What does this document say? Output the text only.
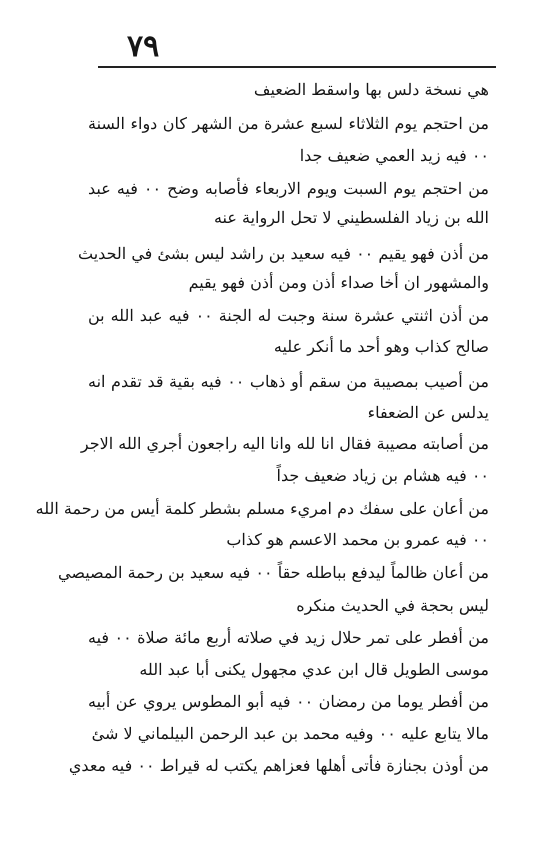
٧٩
هي نسخة دلس بها واسقط الضعيف
من احتجم يوم الثلاثاء لسبع عشرة من الشهر كان دواء السنة
٠٠ فيه زيد العمي ضعيف جدا
من احتجم يوم السبت ويوم الاربعاء فأصابه وضح ٠٠ فيه عبد
الله بن زياد الفلسطيني لا تحل الرواية عنه
من أذن فهو يقيم ٠٠ فيه سعيد بن راشد ليس بشئ في الحديث
والمشهور ان أخا صداء أذن ومن أذن فهو يقيم
من أذن اثنتي عشرة سنة وجبت له الجنة ٠٠ فيه عبد الله بن
صالح كذاب وهو أحد ما أنكر عليه
من أصيب بمصيبة من سقم أو ذهاب ٠٠ فيه بقية قد تقدم انه
يدلس عن الضعفاء
من أصابته مصيبة فقال انا لله وانا اليه راجعون أجري الله الاجر
٠٠ فيه هشام بن زياد ضعيف جداً
من أعان على سفك دم امريء مسلم بشطر كلمة أيس من رحمة الله
٠٠ فيه عمرو بن محمد الاعسم هو كذاب
من أعان ظالماً ليدفع بباطله حقاً ٠٠ فيه سعيد بن رحمة المصيصي
ليس بحجة في الحديث منكره
من أفطر على تمر حلال زيد في صلاته أربع مائة صلاة ٠٠ فيه
موسى الطويل قال ابن عدي مجهول يكنى أبا عبد الله
من أفطر يوما من رمضان ٠٠ فيه أبو المطوس يروي عن أبيه
مالا يتابع عليه ٠٠ وفيه محمد بن عبد الرحمن البيلماني لا شئ
من أوذن بجنازة فأتى أهلها فعزاهم يكتب له قيراط ٠٠ فيه معدي
